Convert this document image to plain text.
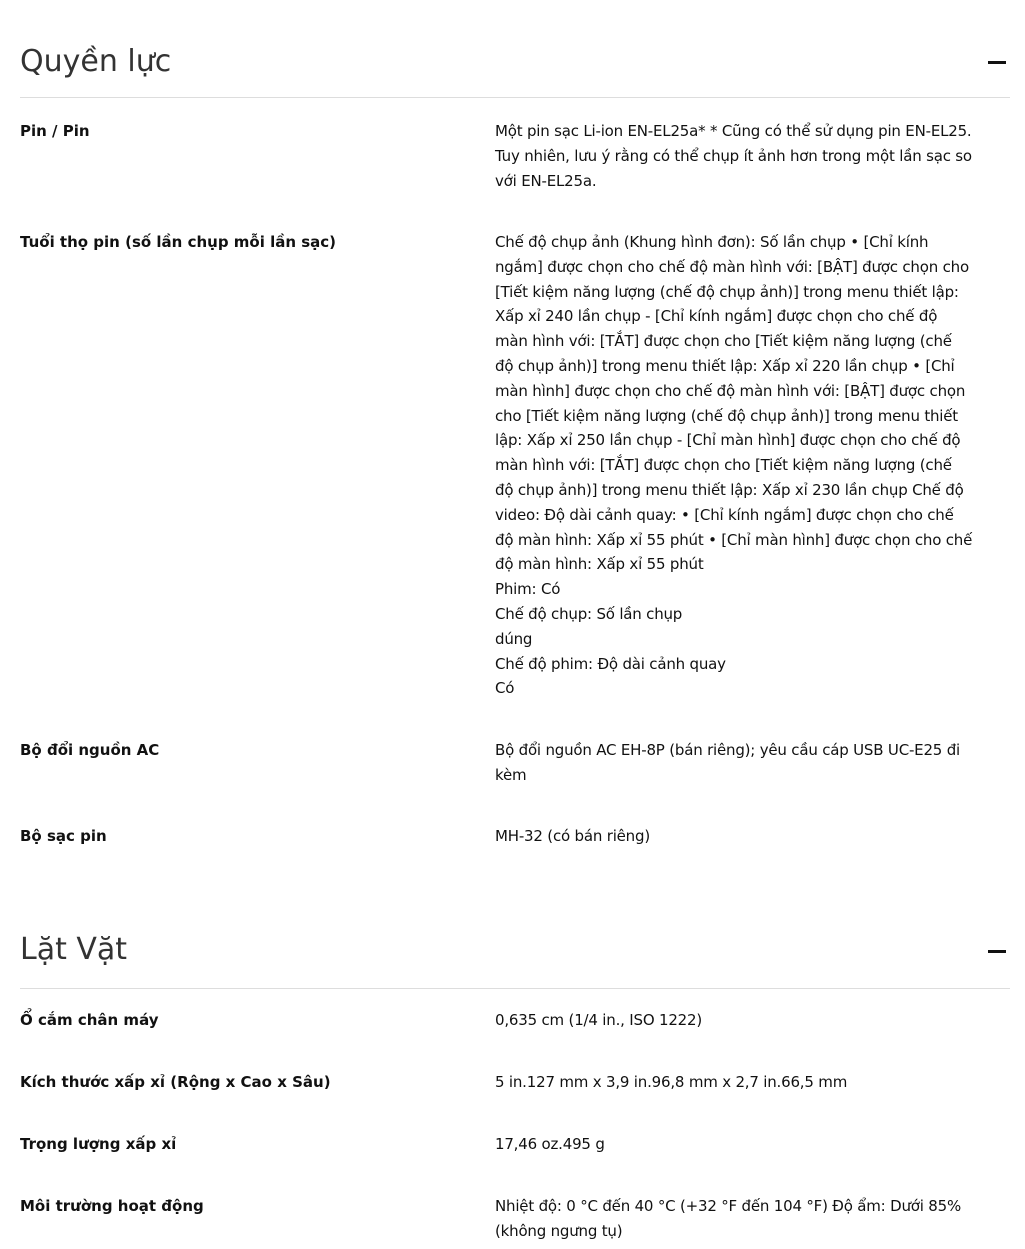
Quyền lực
Pin / Pin	Một pin sạc Li-ion EN-EL25a* * Cũng có thể sử dụng pin EN-EL25. Tuy nhiên, lưu ý rằng có thể chụp ít ảnh hơn trong một lần sạc so với EN-EL25a.

Tuổi thọ pin (số lần chụp mỗi lần sạc)	Chế độ chụp ảnh (Khung hình đơn): Số lần chụp • [Chỉ kính ngắm] được chọn cho chế độ màn hình với: [BẬT] được chọn cho [Tiết kiệm năng lượng (chế độ chụp ảnh)] trong menu thiết lập: Xấp xỉ 240 lần chụp - [Chỉ kính ngắm] được chọn cho chế độ màn hình với: [TẮT] được chọn cho [Tiết kiệm năng lượng (chế độ chụp ảnh)] trong menu thiết lập: Xấp xỉ 220 lần chụp • [Chỉ màn hình] được chọn cho chế độ màn hình với: [BẬT] được chọn cho [Tiết kiệm năng lượng (chế độ chụp ảnh)] trong menu thiết lập: Xấp xỉ 250 lần chụp - [Chỉ màn hình] được chọn cho chế độ màn hình với: [TẮT] được chọn cho [Tiết kiệm năng lượng (chế độ chụp ảnh)] trong menu thiết lập: Xấp xỉ 230 lần chụp Chế độ video: Độ dài cảnh quay: • [Chỉ kính ngắm] được chọn cho chế độ màn hình: Xấp xỉ 55 phút • [Chỉ màn hình] được chọn cho chế độ màn hình: Xấp xỉ 55 phút

Phim: Có

Chế độ chụp: Số lần chụp

dúng

Chế độ phim: Độ dài cảnh quay

Có

Bộ đổi nguồn AC	Bộ đổi nguồn AC EH-8P (bán riêng); yêu cầu cáp USB UC-E25 đi kèm

Bộ sạc pin	MH-32 (có bán riêng)

Lặt Vặt
Ổ cắm chân máy	0,635 cm (1/4 in., ISO 1222)

Kích thước xấp xỉ (Rộng x Cao x Sâu)	5 in.127 mm x 3,9 in.96,8 mm x 2,7 in.66,5 mm

Trọng lượng xấp xỉ	17,46 oz.495 g

Môi trường hoạt động	Nhiệt độ: 0 °C đến 40 °C (+32 °F đến 104 °F) Độ ẩm: Dưới 85% (không ngưng tụ)
